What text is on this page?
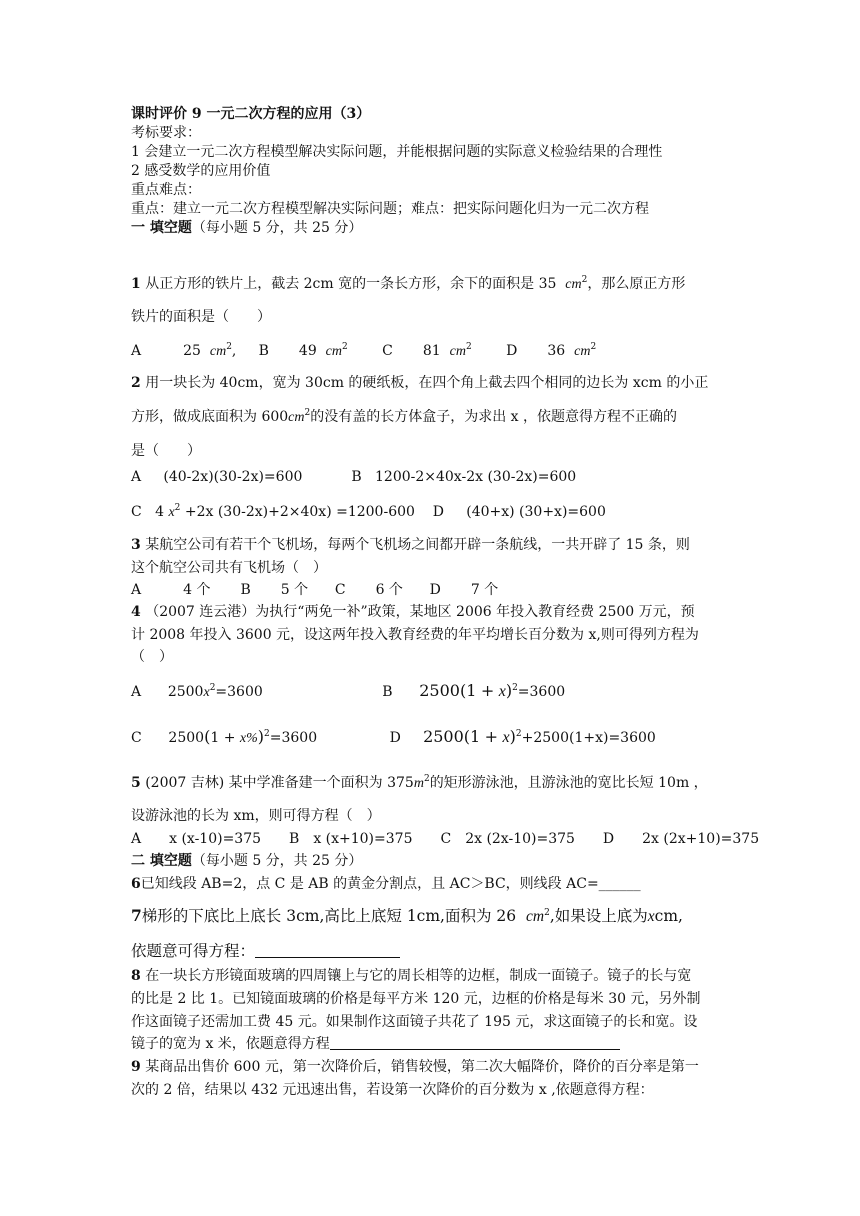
课时评价 9 一元二次方程的应用（3）
考标要求：
1 会建立一元二次方程模型解决实际问题，并能根据问题的实际意义检验结果的合理性
2 感受数学的应用价值
重点难点：
重点：建立一元二次方程模型解决实际问题；难点：把实际问题化归为一元二次方程
一 填空题（每小题 5 分，共 25 分）
1 从正方形的铁片上，截去 2cm 宽的一条长方形，余下的面积是 35 $cm^2$，那么原正方形
铁片的面积是（　　）
A	25 $cm^2$,     B 49 $cm^2$ C 81 $cm^2$ D 36 $cm^2$
2 用一块长为 40cm，宽为 30cm 的硬纸板，在四个角上截去四个相同的边长为 xcm 的小正
方形，做成底面积为 $600cm^2$的没有盖的长方体盒子，为求出 x ，依题意得方程不正确的
是（　　）
A (40-2x)(30-2x)=600	B 1200-2×40x-2x (30-2x)=600
C 4 $x^2 +2x$ (30-2x)+2×40x) =1200-600 D (40+x) (30+x)=600
3 某航空公司有若干个飞机场，每两个飞机场之间都开辟一条航线，一共开辟了 15 条，则
这个航空公司共有飞机场（　）
A	4 个 B 5 个 C 6 个 D 7 个
4 （2007 连云港）为执行“两免一补”政策，某地区 2006 年投入教育经费 2500 万元，预
计 2008 年投入 3600 元，设这两年投入教育经费的年平均增长百分数为 x,则可得列方程为
（　）
A $2500x^2=3600$	B $2500(1 + x)^2=3600$
C $2500(1 + x\%)^2=3600$	D $2500(1 + x)^2+2500(1+x)=3600$
5 (2007 吉林) 某中学准备建一个面积为 $375m^2$的矩形游泳池，且游泳池的宽比长短 10m ，
设游泳池的长为 xm，则可得方程（　）
A　　x (x-10)=375　　B　x (x+10)=375　　C　2x (2x-10)=375　　D　　2x (2x+10)=375
二 填空题（每小题 5 分，共 25 分）
6已知线段 AB=2，点 C 是 AB 的黄金分割点，且 AC＞BC，则线段 AC=______
7梯形的下底比上底长 3cm,高比上底短 1cm,面积为 26 $cm^2$,如果设上底为xcm,
依题意可得方程：
8 在一块长方形镜面玻璃的四周镶上与它的周长相等的边框，制成一面镜子。镜子的长与宽
的比是 2 比 1。已知镜面玻璃的价格是每平方米 120 元，边框的价格是每米 30 元，另外制
作这面镜子还需加工费 45 元。如果制作这面镜子共花了 195 元，求这面镜子的长和宽。设
镜子的宽为 x 米，依题意得方程
9 某商品出售价 600 元，第一次降价后，销售较慢，第二次大幅降价，降价的百分率是第一
次的 2 倍，结果以 432 元迅速出售，若设第一次降价的百分数为 x ,依题意得方程：
